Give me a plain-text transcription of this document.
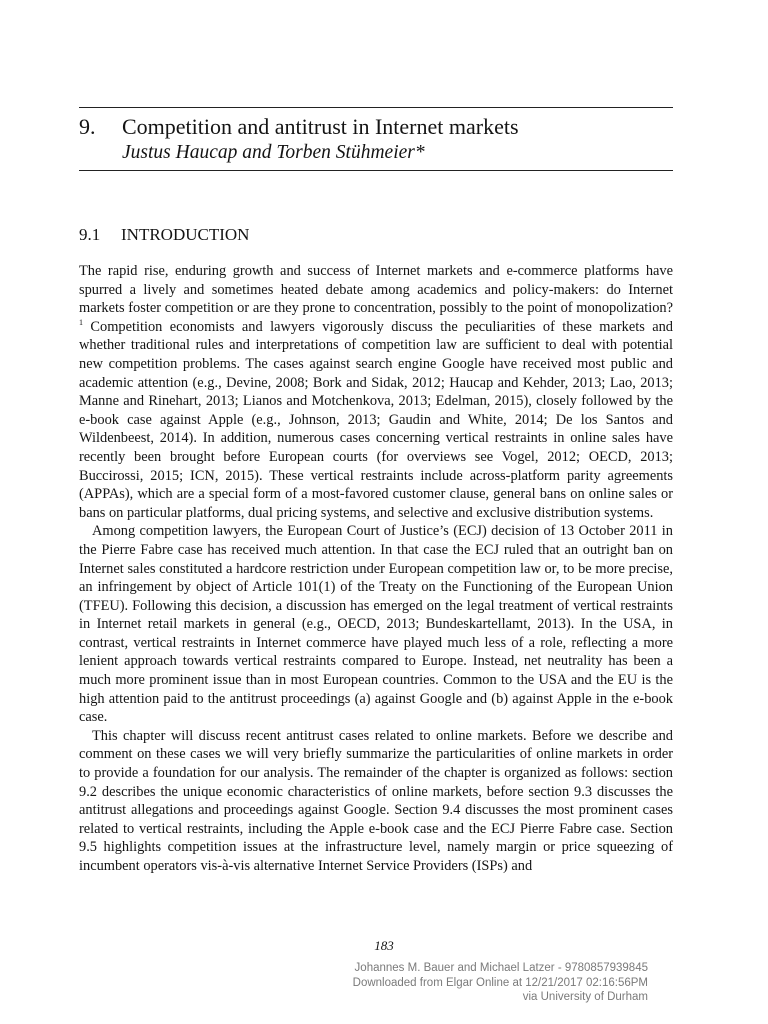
9. Competition and antitrust in Internet markets
Justus Haucap and Torben Stühmeier*
9.1 INTRODUCTION

The rapid rise, enduring growth and success of Internet markets and e-commerce platforms have spurred a lively and sometimes heated debate among academics and policy-makers: do Internet markets foster competition or are they prone to concentration, possibly to the point of monopolization?$^1$ Competition economists and lawyers vigorously discuss the peculiarities of these markets and whether traditional rules and interpretations of competition law are sufficient to deal with potential new competition problems. The cases against search engine Google have received most public and academic attention (e.g., Devine, 2008; Bork and Sidak, 2012; Haucap and Kehder, 2013; Lao, 2013; Manne and Rinehart, 2013; Lianos and Motchenkova, 2013; Edelman, 2015), closely followed by the e-book case against Apple (e.g., Johnson, 2013; Gaudin and White, 2014; De los Santos and Wildenbeest, 2014). In addition, numerous cases concerning vertical restraints in online sales have recently been brought before European courts (for overviews see Vogel, 2012; OECD, 2013; Buccirossi, 2015; ICN, 2015). These vertical restraints include across-platform parity agreements (APPAs), which are a special form of a most-favored customer clause, general bans on online sales or bans on particular platforms, dual pricing systems, and selective and exclusive distribution systems.

Among competition lawyers, the European Court of Justice’s (ECJ) decision of 13 October 2011 in the Pierre Fabre case has received much attention. In that case the ECJ ruled that an outright ban on Internet sales constituted a hardcore restriction under European competition law or, to be more precise, an infringement by object of Article 101(1) of the Treaty on the Functioning of the European Union (TFEU). Following this decision, a discussion has emerged on the legal treatment of vertical restraints in Internet retail markets in general (e.g., OECD, 2013; Bundeskartellamt, 2013). In the USA, in contrast, vertical restraints in Internet commerce have played much less of a role, reflecting a more lenient approach towards vertical restraints compared to Europe. Instead, net neutrality has been a much more prominent issue than in most European countries. Common to the USA and the EU is the high attention paid to the antitrust proceedings (a) against Google and (b) against Apple in the e-book case.

This chapter will discuss recent antitrust cases related to online markets. Before we describe and comment on these cases we will very briefly summarize the particularities of online markets in order to provide a foundation for our analysis. The remainder of the chapter is organized as follows: section 9.2 describes the unique economic characteristics of online markets, before section 9.3 discusses the antitrust allegations and proceedings against Google. Section 9.4 discusses the most prominent cases related to vertical restraints, including the Apple e-book case and the ECJ Pierre Fabre case. Section 9.5 highlights competition issues at the infrastructure level, namely margin or price squeezing of incumbent operators vis-à-vis alternative Internet Service Providers (ISPs) and

183
Johannes M. Bauer and Michael Latzer - 9780857939845
Downloaded from Elgar Online at 12/21/2017 02:16:56PM
via University of Durham
